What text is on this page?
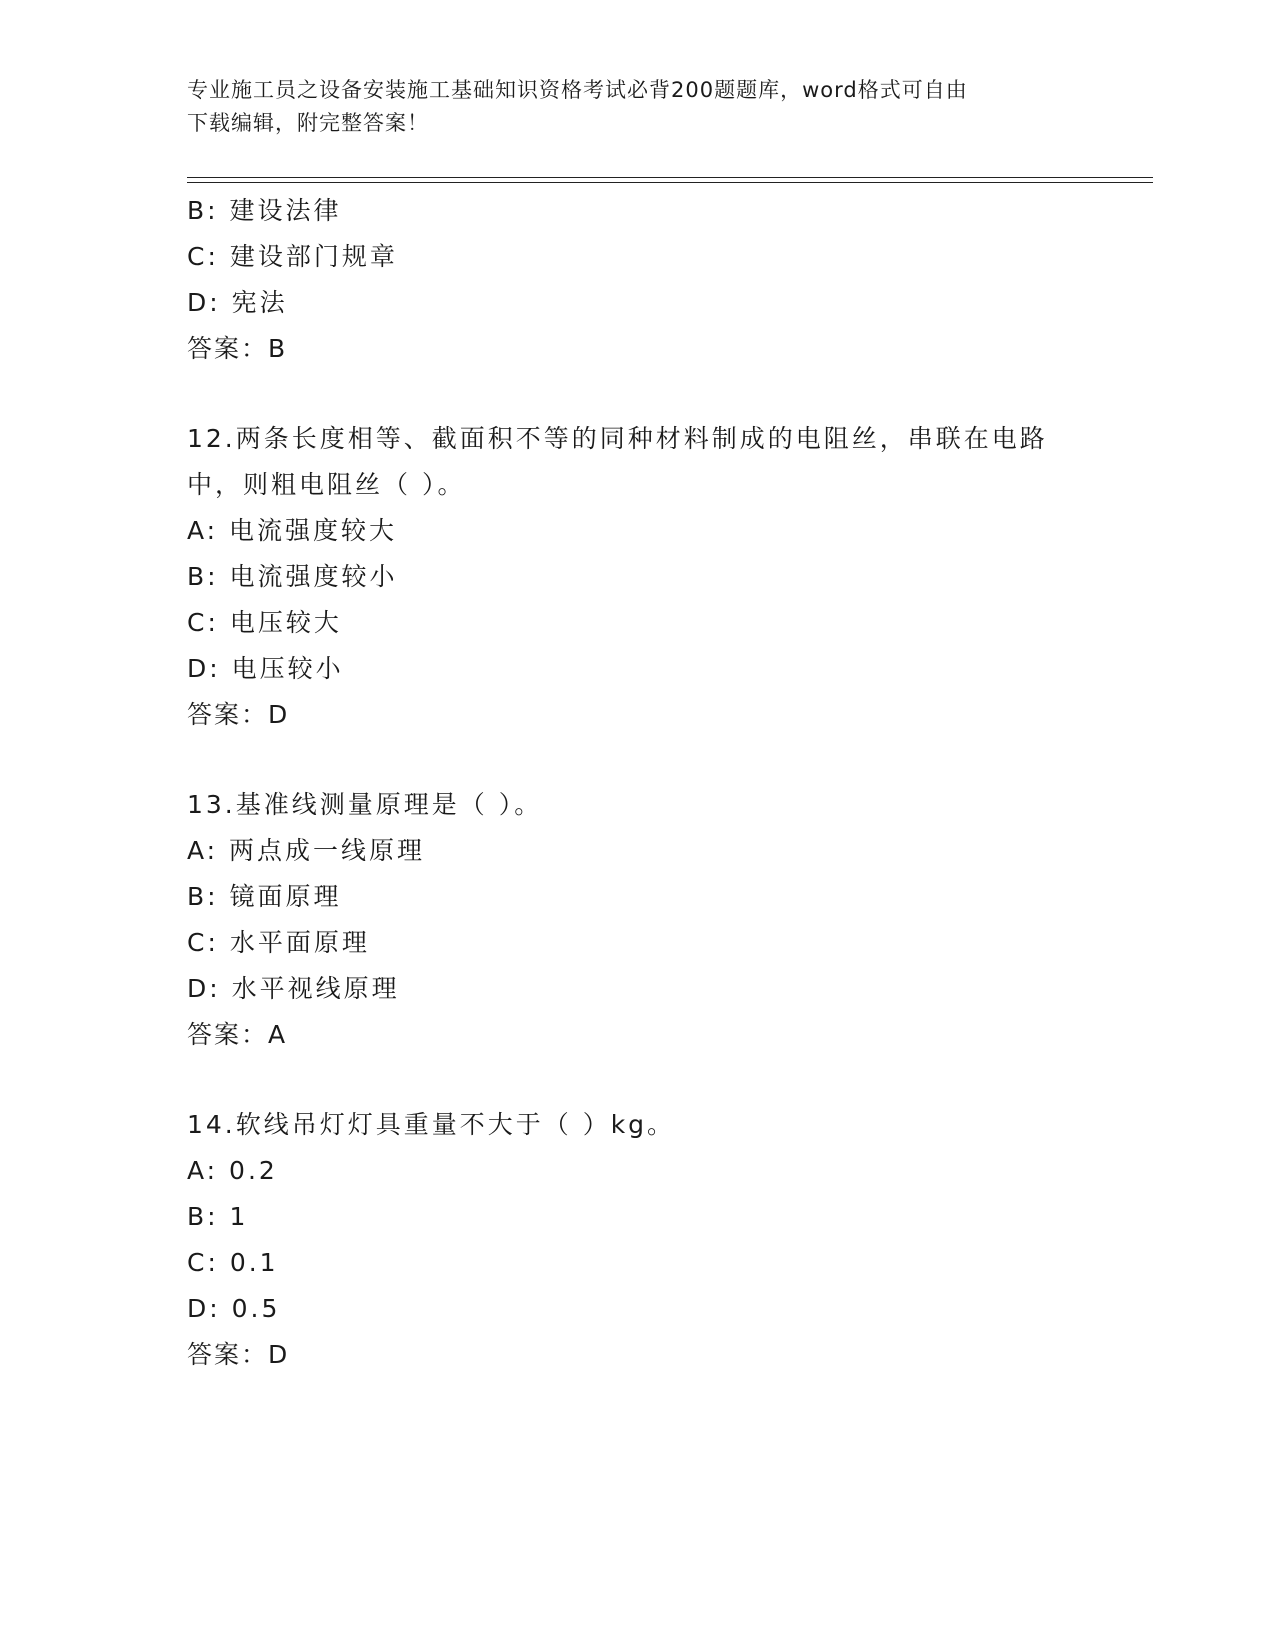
专业施工员之设备安装施工基础知识资格考试必背200题题库，word格式可自由
下载编辑，附完整答案！
B: 建设法律
C: 建设部门规章
D: 宪法
答案：B
12.两条长度相等、截面积不等的同种材料制成的电阻丝，串联在电路
中，则粗电阻丝（ ）。
A: 电流强度较大
B: 电流强度较小
C: 电压较大
D: 电压较小
答案：D
13.基准线测量原理是（ ）。
A: 两点成一线原理
B: 镜面原理
C: 水平面原理
D: 水平视线原理
答案：A
14.软线吊灯灯具重量不大于（ ）kg。
A: 0.2
B: 1
C: 0.1
D: 0.5
答案：D
